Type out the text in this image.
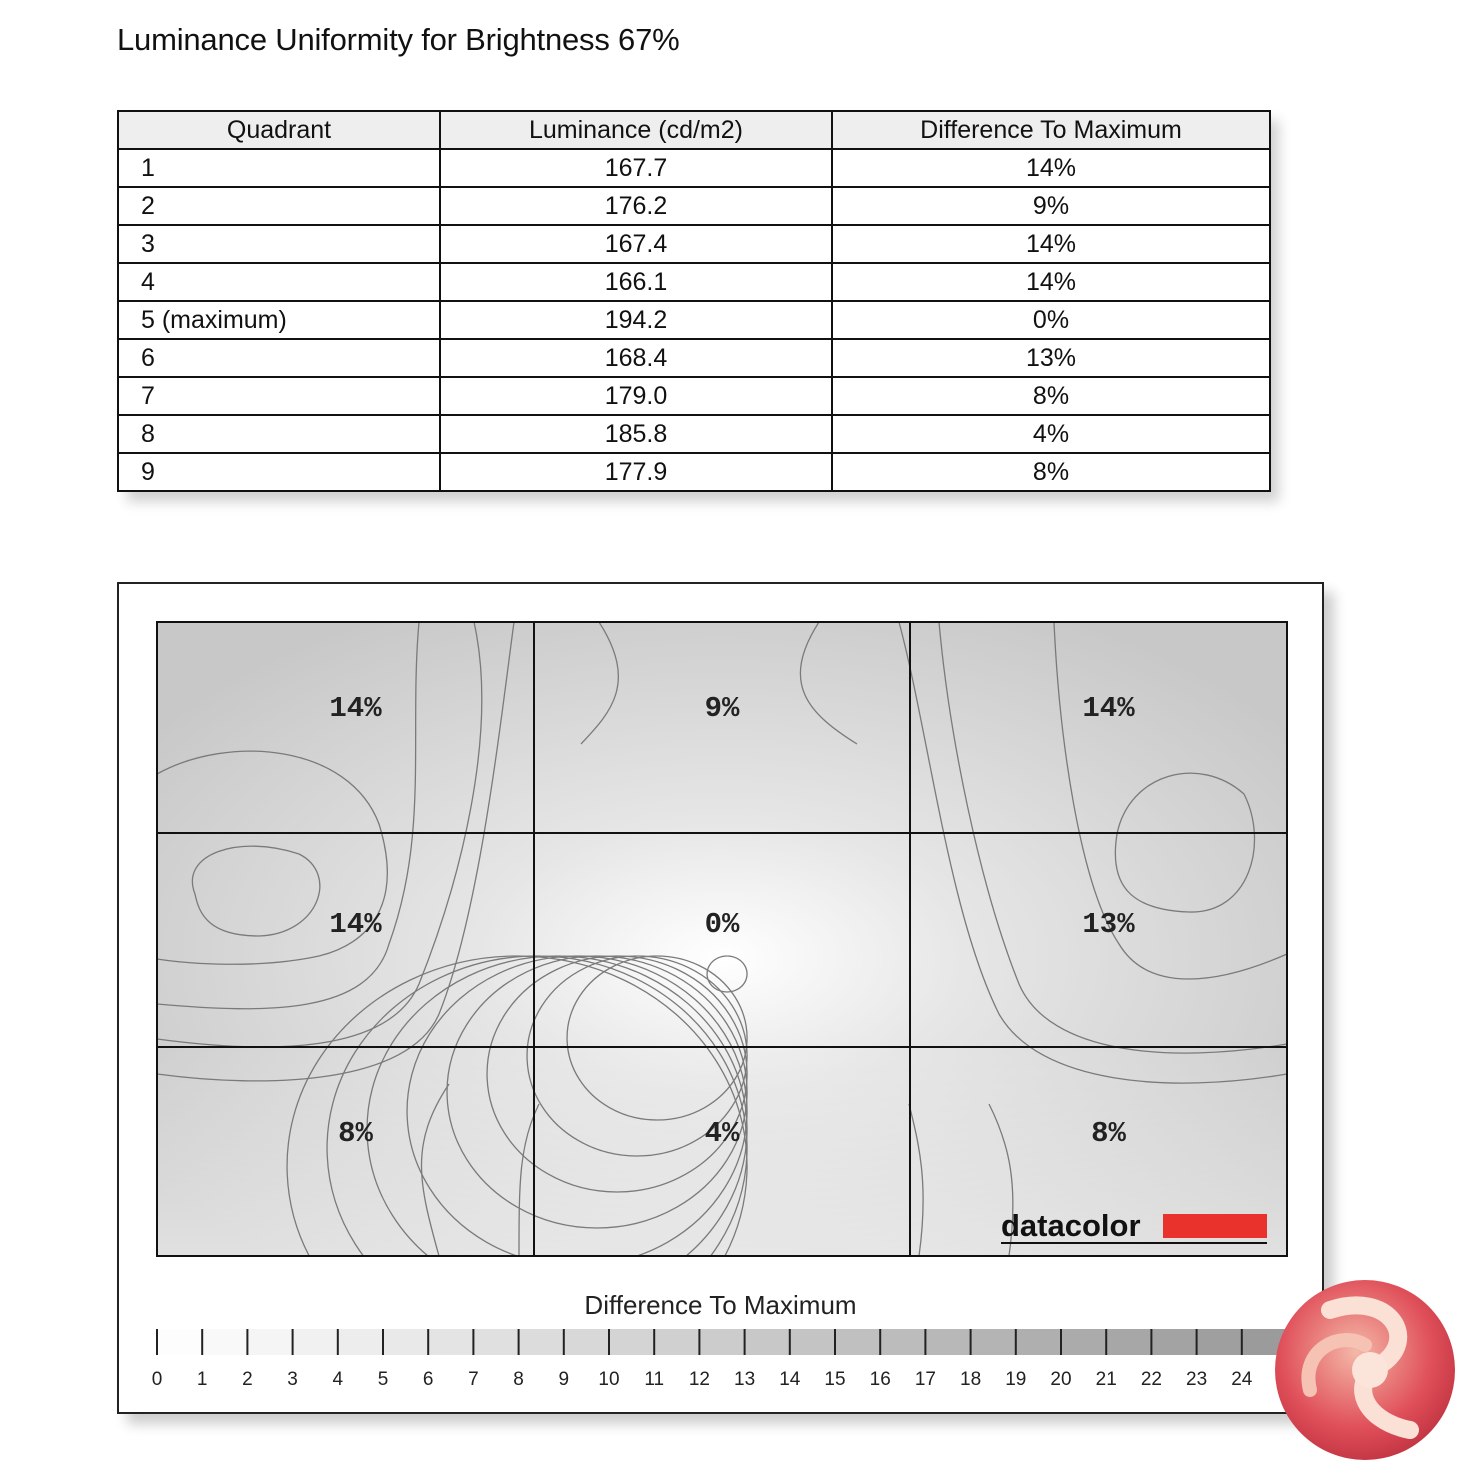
Luminance Uniformity for Brightness 67%
Quadrant	Luminance (cd/m2)	Difference To Maximum
1	167.7	14%
2	176.2	9%
3	167.4	14%
4	166.1	14%
5 (maximum)	194.2	0%
6	168.4	13%
7	179.0	8%
8	185.8	4%
9	177.9	8%
14%	9%	14%
14%	0%	13%
8%	4%	8%
datacolor
0 1 2 3 4 5 6 7 8 9 10 11 12 13 14 15 16 17 18 19 20 21 22 23 24
Difference To Maximum
